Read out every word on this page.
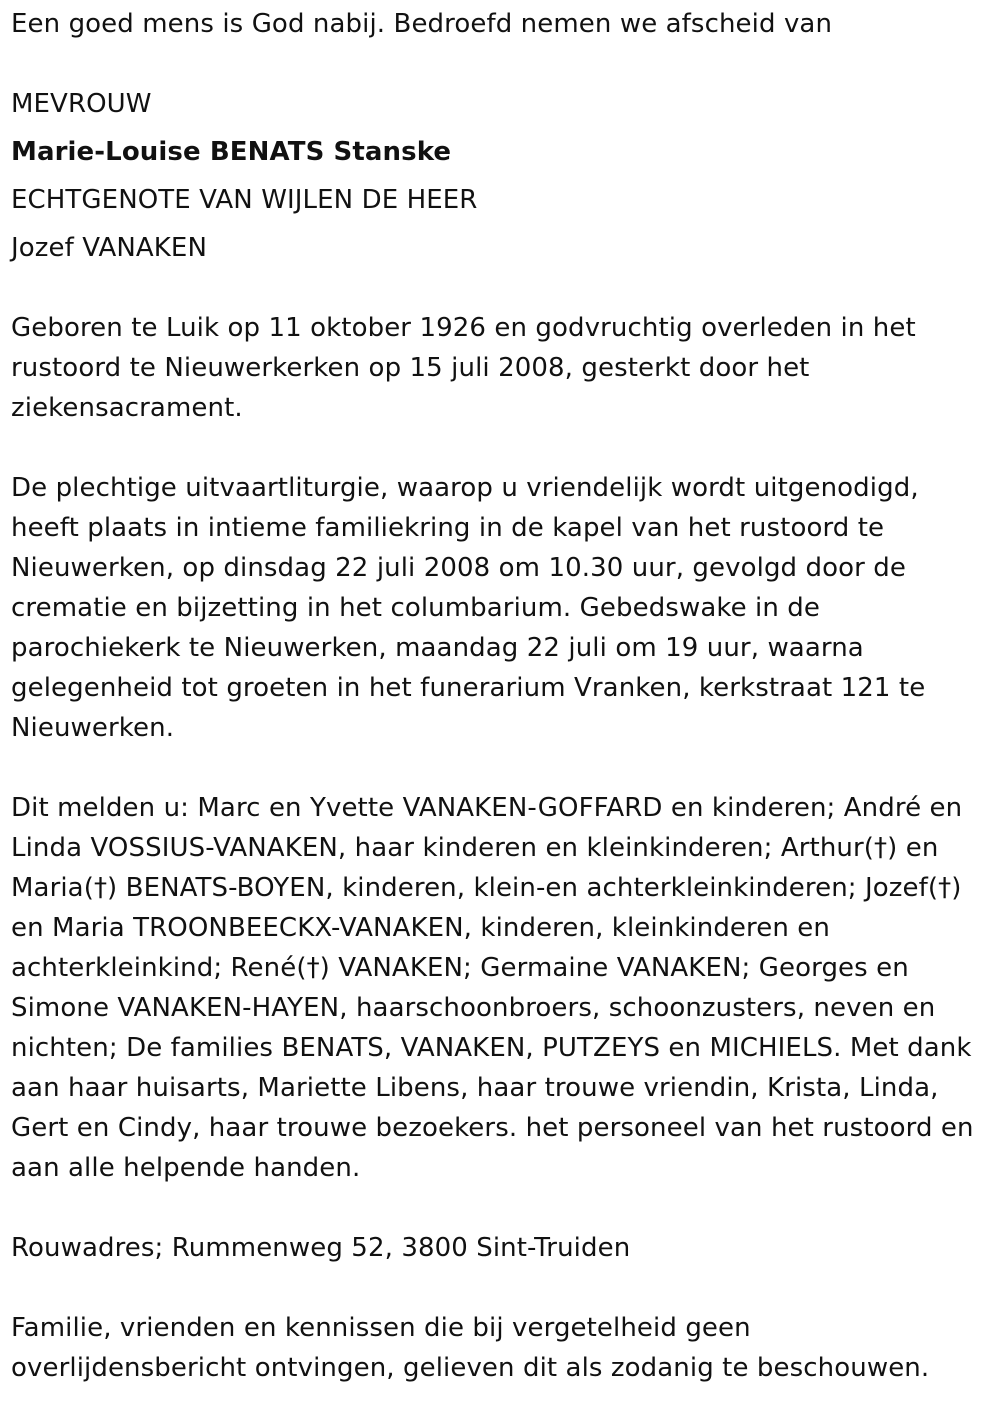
Een goed mens is God nabij. Bedroefd nemen we afscheid van

MEVROUW

Marie-Louise BENATS Stanske

ECHTGENOTE VAN WIJLEN DE HEER

Jozef VANAKEN

Geboren te Luik op 11 oktober 1926 en godvruchtig overleden in het

rustoord te Nieuwerkerken op 15 juli 2008, gesterkt door het

ziekensacrament.

De plechtige uitvaartliturgie, waarop u vriendelijk wordt uitgenodigd,

heeft plaats in intieme familiekring in de kapel van het rustoord te

Nieuwerken, op dinsdag 22 juli 2008 om 10.30 uur, gevolgd door de

crematie en bijzetting in het columbarium. Gebedswake in de

parochiekerk te Nieuwerken, maandag 22 juli om 19 uur, waarna

gelegenheid tot groeten in het funerarium Vranken, kerkstraat 121 te

Nieuwerken.

Dit melden u: Marc en Yvette VANAKEN-GOFFARD en kinderen; André en

Linda VOSSIUS-VANAKEN, haar kinderen en kleinkinderen; Arthur(†) en

Maria(†) BENATS-BOYEN, kinderen, klein-en achterkleinkinderen; Jozef(†)

en Maria TROONBEECKX-VANAKEN, kinderen, kleinkinderen en

achterkleinkind; René(†) VANAKEN; Germaine VANAKEN; Georges en

Simone VANAKEN-HAYEN, haarschoonbroers, schoonzusters, neven en

nichten; De families BENATS, VANAKEN, PUTZEYS en MICHIELS. Met dank

aan haar huisarts, Mariette Libens, haar trouwe vriendin, Krista, Linda,

Gert en Cindy, haar trouwe bezoekers. het personeel van het rustoord en

aan alle helpende handen.

Rouwadres; Rummenweg 52, 3800 Sint-Truiden

Familie, vrienden en kennissen die bij vergetelheid geen

overlijdensbericht ontvingen, gelieven dit als zodanig te beschouwen.
